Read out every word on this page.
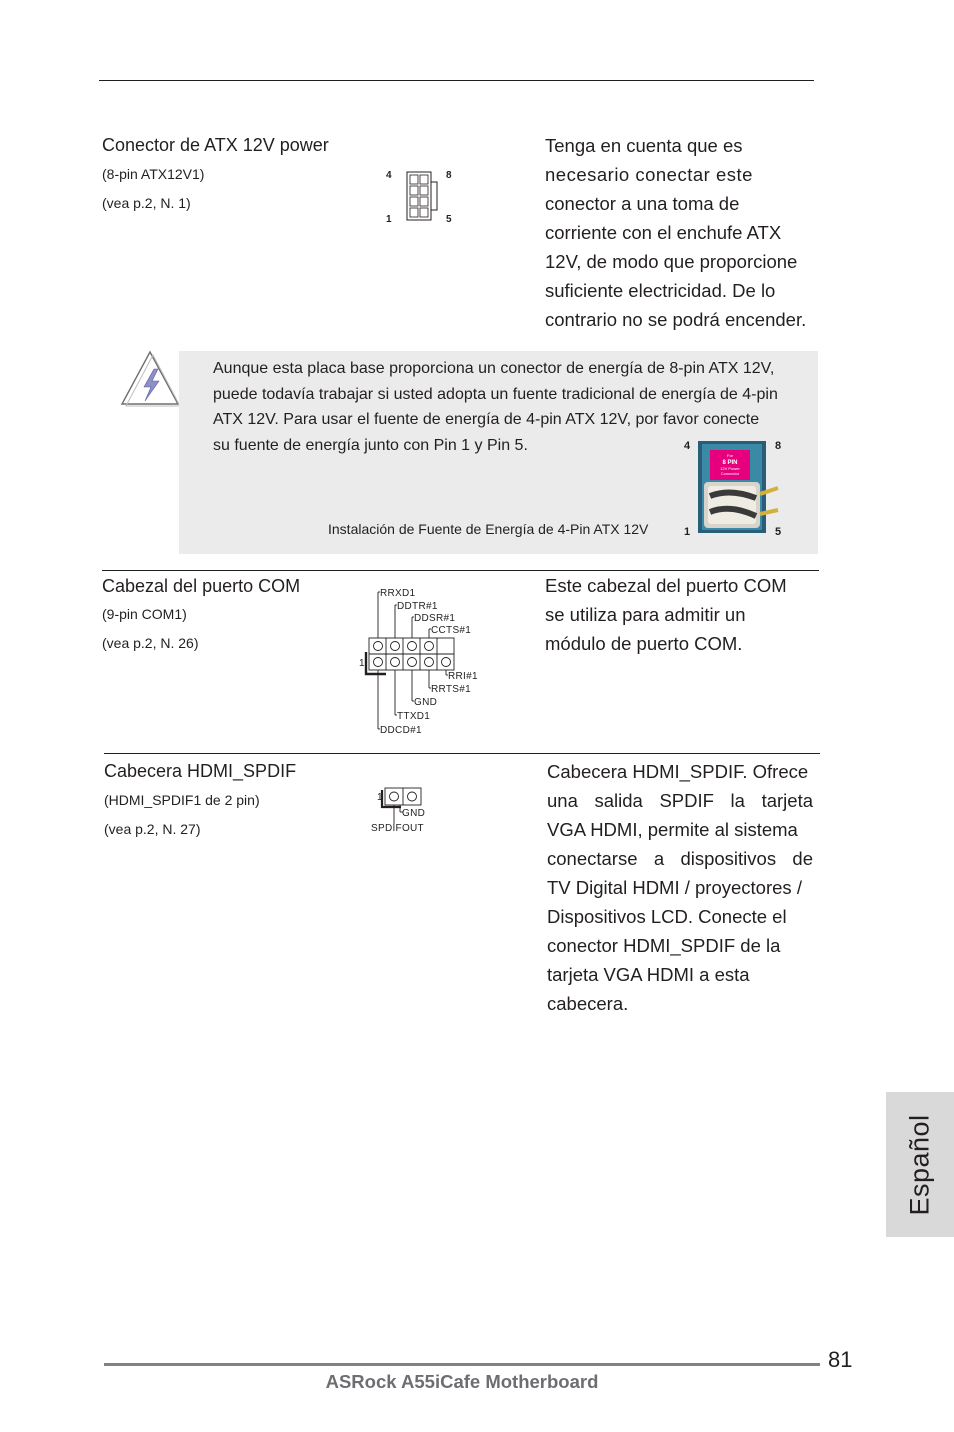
Conector de ATX 12V power
(8-pin ATX12V1)
(vea p.2, N. 1)
4	8
1	5
Tenga en cuenta que es
necesario conectar este
conector a una toma de
corriente con el enchufe ATX
12V, de modo que proporcione
suficiente electricidad. De lo
contrario no se podrá encender.
Aunque esta placa base proporciona un conector de energía de 8-pin ATX 12V,
puede todavía trabajar si usted adopta un fuente tradicional de energía de 4-pin
ATX 12V. Para usar el fuente de energía de 4-pin ATX 12V, por favor conecte
su fuente de energía junto con Pin 1 y Pin 5.
Instalación de Fuente de Energía de 4-Pin ATX 12V
4	8
1	5
For
8 PIN
12V Power
Connector
Cabezal del puerto COM
(9-pin COM1)
(vea p.2, N. 26)
1
RRXD1
DDTR#1
DDSR#1
CCTS#1
RRI#1
RRTS#1
GND
TTXD1
DDCD#1
Este cabezal del puerto COM
se utiliza para admitir un
módulo de puerto COM.
Cabecera HDMI_SPDIF
(HDMI_SPDIF1 de 2 pin)
(vea p.2, N. 27)
1
GND
SPDIFOUT
Cabecera HDMI_SPDIF. Ofrece
una salida SPDIF la tarjeta
VGA HDMI, permite al sistema
conectarse a dispositivos de
TV Digital HDMI / proyectores /
Dispositivos LCD. Conecte el
conector HDMI_SPDIF de la
tarjeta VGA HDMI a esta
cabecera.
Español
81
ASRock A55iCafe Motherboard
